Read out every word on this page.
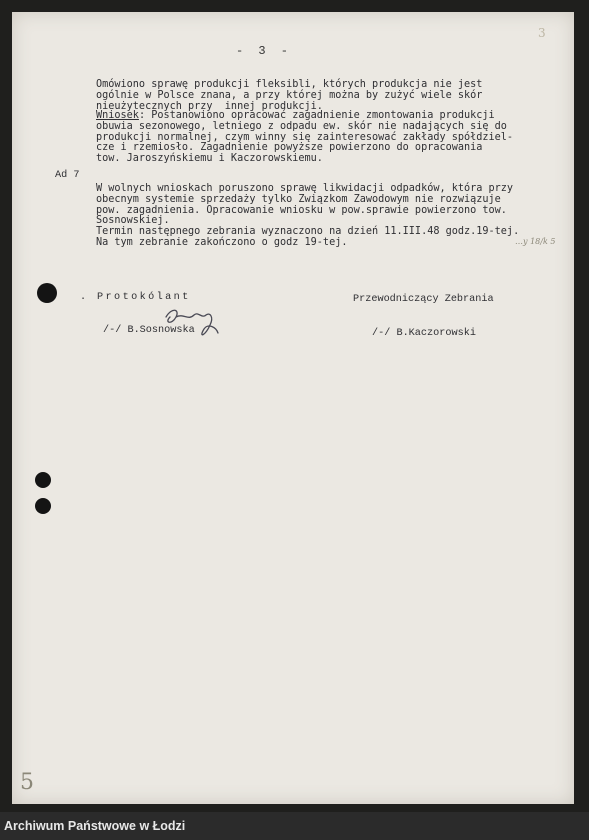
3
- 3 -
Omówiono sprawę produkcji fleksibli, których produkcja nie jest
ogólnie w Polsce znana, a przy której można by zużyć wiele skór
nieużytecznych przy  innej produkcji.
Wniosek: Postanowiono opracować zagadnienie zmontowania produkcji
obuwia sezonowego, letniego z odpadu ew. skór nie nadających się do
produkcji normalnej, czym winny się zainteresować zakłady spółdziel-
cze i rzemiosło. Zagadnienie powyższe powierzono do opracowania
tow. Jaroszyńskiemu i Kaczorowskiemu.
Ad 7
W wolnych wnioskach poruszono sprawę likwidacji odpadków, która przy
obecnym systemie sprzedaży tylko Związkom Zawodowym nie rozwiązuje
pow. zagadnienia. Opracowanie wniosku w pow.sprawie powierzono tow.
Sosnowskiej.
Termin następnego zebrania wyznaczono na dzień 11.III.48 godz.19-tej.
Na tym zebranie zakończono o godz 19-tej.	…y 18/k 5
. Protokólant
/-/ B.Sosnowska
Przewodniczący Zebrania
/-/ B.Kaczorowski
5
Archiwum Państwowe w Łodzi
